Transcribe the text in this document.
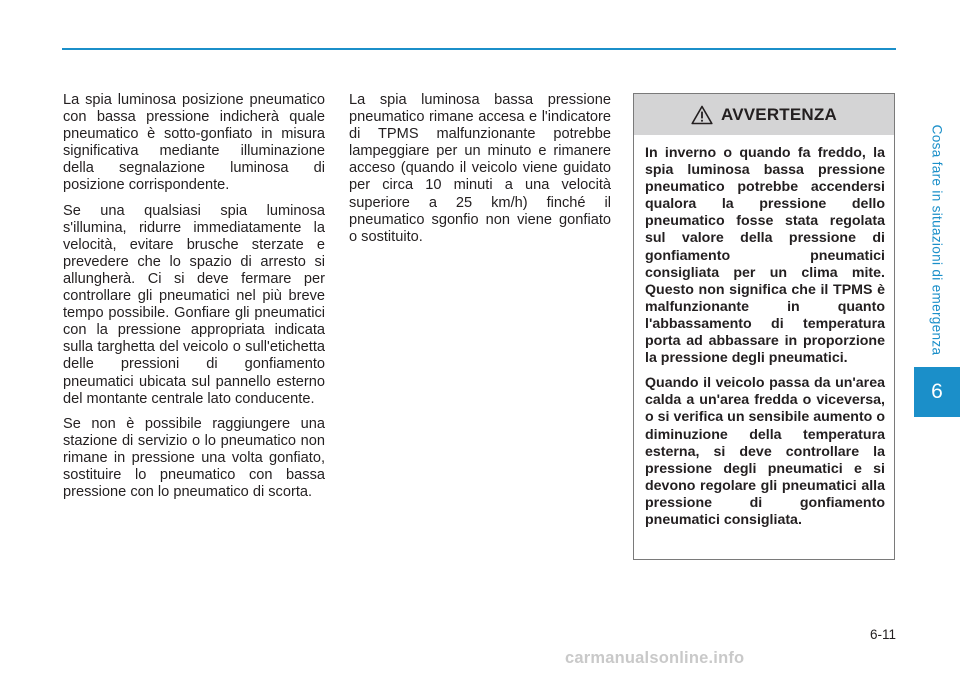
La spia luminosa posizione pneumatico con bassa pressione indicherà quale pneumatico è sotto-gonfiato in misura significativa mediante illuminazione della segnalazione luminosa di posizione corrispondente.

Se una qualsiasi spia luminosa s'illumina, ridurre immediatamente la velocità, evitare brusche sterzate e prevedere che lo spazio di arresto si allungherà. Ci si deve fermare per controllare gli pneumatici nel più breve tempo possibile. Gonfiare gli pneumatici con la pressione appropriata indicata sulla targhetta del veicolo o sull'etichetta delle pressioni di gonfiamento pneumatici ubicata sul pannello esterno del montante centrale lato conducente.

Se non è possibile raggiungere una stazione di servizio o lo pneumatico non rimane in pressione una volta gonfiato, sostituire lo pneumatico con bassa pressione con lo pneumatico di scorta.

La spia luminosa bassa pressione pneumatico rimane accesa e l'indicatore di TPMS malfunzionante potrebbe lampeggiare per un minuto e rimanere acceso (quando il veicolo viene guidato per circa 10 minuti a una velocità superiore a 25 km/h) finché il pneumatico sgonfio non viene gonfiato o sostituito.

AVVERTENZA

In inverno o quando fa freddo, la spia luminosa bassa pressione pneumatico potrebbe accendersi qualora la pressione dello pneumatico fosse stata regolata sul valore della pressione di gonfiamento pneumatici consigliata per un clima mite. Questo non significa che il TPMS è malfunzionante in quanto l'abbassamento di temperatura porta ad abbassare in proporzione la pressione degli pneumatici.

Quando il veicolo passa da un'area calda a un'area fredda o viceversa, o si verifica un sensibile aumento o diminuzione della temperatura esterna, si deve controllare la pressione degli pneumatici e si devono regolare gli pneumatici alla pressione di gonfiamento pneumatici consigliata.

Cosa fare in situazioni di emergenza
6
6-11
carmanualsonline.info
